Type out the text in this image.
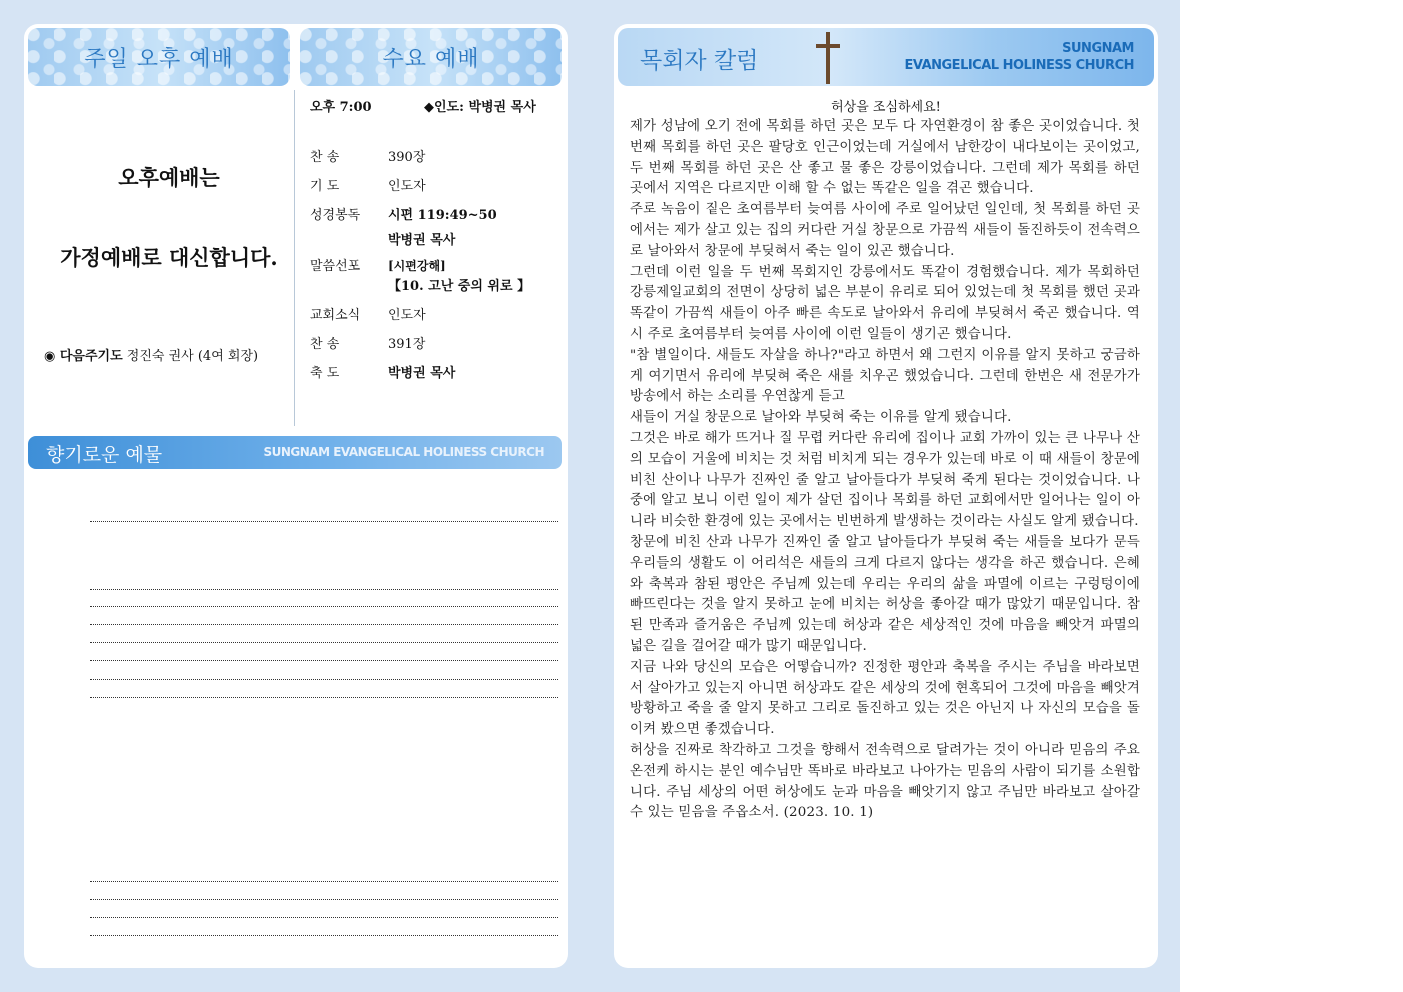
주일 오후 예배	수요 예배
오후예배는
가정예배로 대신합니다.
◉ 다음주기도 정진숙 권사 (4여 회장)
오후 7:00	◆인도: 박병권 목사
찬 송	390장
기 도	인도자
성경봉독 시편 119:49~50
박병권 목사
말씀선포 [시편강해]
【10. 고난 중의 위로 】
교회소식 인도자
찬 송	391장
축 도	박병권 목사
향기로운 예물	SUNGNAM EVANGELICAL HOLINESS CHURCH
목회자 칼럼	SUNGNAM
EVANGELICAL HOLINESS CHURCH
허상을 조심하세요!

제가 성남에 오기 전에 목회를 하던 곳은 모두 다 자연환경이 참 좋은 곳이었습니다. 첫 번째 목회를 하던 곳은 팔당호 인근이었는데 거실에서 남한강이 내다보이는 곳이었고, 두 번째 목회를 하던 곳은 산 좋고 물 좋은 강릉이었습니다. 그런데 제가 목회를 하던 곳에서 지역은 다르지만 이해 할 수 없는 똑같은 일을 겪곤 했습니다.

주로 녹음이 짙은 초여름부터 늦여름 사이에 주로 일어났던 일인데, 첫 목회를 하던 곳에서는 제가 살고 있는 집의 커다란 거실 창문으로 가끔씩 새들이 돌진하듯이 전속력으로 날아와서 창문에 부딪혀서 죽는 일이 있곤 했습니다.

그런데 이런 일을 두 번째 목회지인 강릉에서도 똑같이 경험했습니다. 제가 목회하던 강릉제일교회의 전면이 상당히 넓은 부분이 유리로 되어 있었는데 첫 목회를 했던 곳과 똑같이 가끔씩 새들이 아주 빠른 속도로 날아와서 유리에 부딪혀서 죽곤 했습니다. 역시 주로 초여름부터 늦여름 사이에 이런 일들이 생기곤 했습니다.

"참 별일이다. 새들도 자살을 하나?"라고 하면서 왜 그런지 이유를 알지 못하고 궁금하게 여기면서 유리에 부딪혀 죽은 새를 치우곤 했었습니다. 그런데 한번은 새 전문가가 방송에서 하는 소리를 우연찮게 듣고

새들이 거실 창문으로 날아와 부딪혀 죽는 이유를 알게 됐습니다.

그것은 바로 해가 뜨거나 질 무렵 커다란 유리에 집이나 교회 가까이 있는 큰 나무나 산의 모습이 거울에 비치는 것 처럼 비치게 되는 경우가 있는데 바로 이 때 새들이 창문에 비친 산이나 나무가 진짜인 줄 알고 날아들다가 부딪혀 죽게 된다는 것이었습니다. 나중에 알고 보니 이런 일이 제가 살던 집이나 목회를 하던 교회에서만 일어나는 일이 아니라 비슷한 환경에 있는 곳에서는 빈번하게 발생하는 것이라는 사실도 알게 됐습니다.

창문에 비친 산과 나무가 진짜인 줄 알고 날아들다가 부딪혀 죽는 새들을 보다가 문득 우리들의 생활도 이 어리석은 새들의 크게 다르지 않다는 생각을 하곤 했습니다. 은혜와 축복과 참된 평안은 주님께 있는데 우리는 우리의 삶을 파멸에 이르는 구렁텅이에 빠뜨린다는 것을 알지 못하고 눈에 비치는 허상을 좋아갈 때가 많았기 때문입니다. 참된 만족과 즐거움은 주님께 있는데 허상과 같은 세상적인 것에 마음을 빼앗겨 파멸의 넓은 길을 걸어갈 때가 많기 때문입니다.

지금 나와 당신의 모습은 어떻습니까? 진정한 평안과 축복을 주시는 주님을 바라보면서 살아가고 있는지 아니면 허상과도 같은 세상의 것에 현혹되어 그것에 마음을 빼앗겨 방황하고 죽을 줄 알지 못하고 그리로 돌진하고 있는 것은 아닌지 나 자신의 모습을 돌이켜 봤으면 좋겠습니다.

허상을 진짜로 착각하고 그것을 향해서 전속력으로 달려가는 것이 아니라 믿음의 주요 온전케 하시는 분인 예수님만 똑바로 바라보고 나아가는 믿음의 사람이 되기를 소원합니다. 주님 세상의 어떤 허상에도 눈과 마음을 빼앗기지 않고 주님만 바라보고 살아갈 수 있는 믿음을 주옵소서. (2023. 10. 1)
